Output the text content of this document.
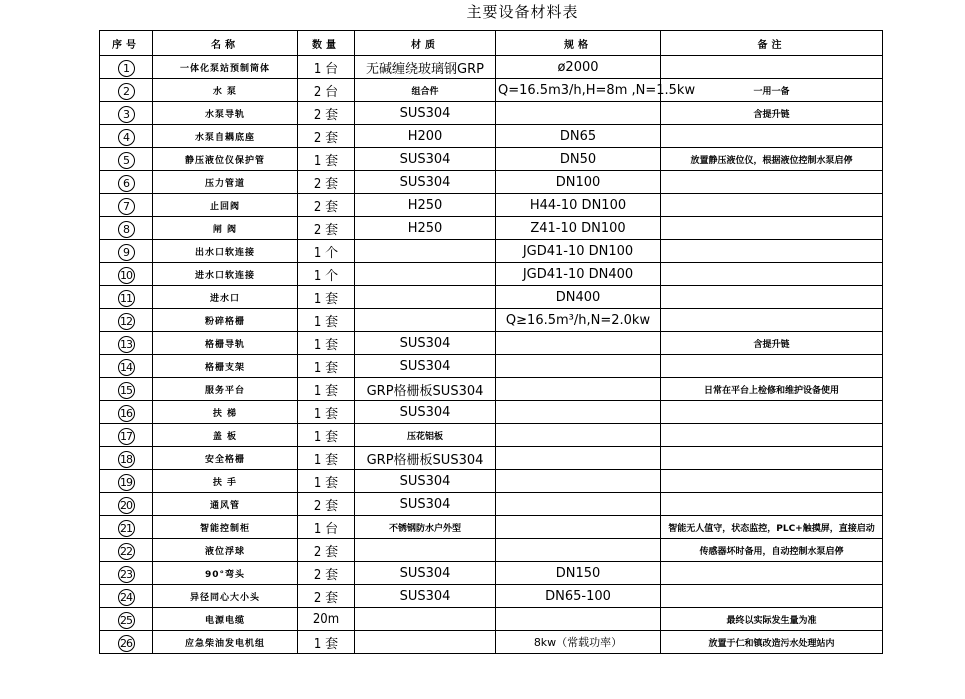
主要设备材料表
序号	名称	数量	材质	规格	备注
1	一体化泵站预制筒体	1 台	无碱缠绕玻璃钢GRP	ø2000	
2	水 泵	2 台	组合件	Q=16.5m3/h,H=8m ,N=1.5kw	一用一备
3	水泵导轨	2 套	SUS304		含提升链
4	水泵自耦底座	2 套	H200	DN65	
5	静压液位仪保护管	1 套	SUS304	DN50	放置静压液位仪，根据液位控制水泵启停
6	压力管道	2 套	SUS304	DN100	
7	止回阀	2 套	H250	H44-10 DN100	
8	闸 阀	2 套	H250	Z41-10 DN100	
9	出水口软连接	1 个		JGD41-10 DN100	
10	进水口软连接	1 个		JGD41-10 DN400	
11	进水口	1 套		DN400	
12	粉碎格栅	1 套		Q≥16.5m³/h,N=2.0kw	
13	格栅导轨	1 套	SUS304		含提升链
14	格栅支架	1 套	SUS304		
15	服务平台	1 套	GRP格栅板SUS304		日常在平台上检修和维护设备使用
16	扶 梯	1 套	SUS304		
17	盖 板	1 套	压花铝板		
18	安全格栅	1 套	GRP格栅板SUS304		
19	扶 手	1 套	SUS304		
20	通风管	2 套	SUS304		
21	智能控制柜	1 台	不锈钢防水户外型		智能无人值守，状态监控，PLC+触摸屏，直接启动
22	液位浮球	2 套			传感器坏时备用，自动控制水泵启停
23	90°弯头	2 套	SUS304	DN150	
24	异径同心大小头	2 套	SUS304	DN65-100	
25	电源电缆	20m			最终以实际发生量为准
26	应急柴油发电机组	1 套		8kw（常载功率）	放置于仁和镇改造污水处理站内
